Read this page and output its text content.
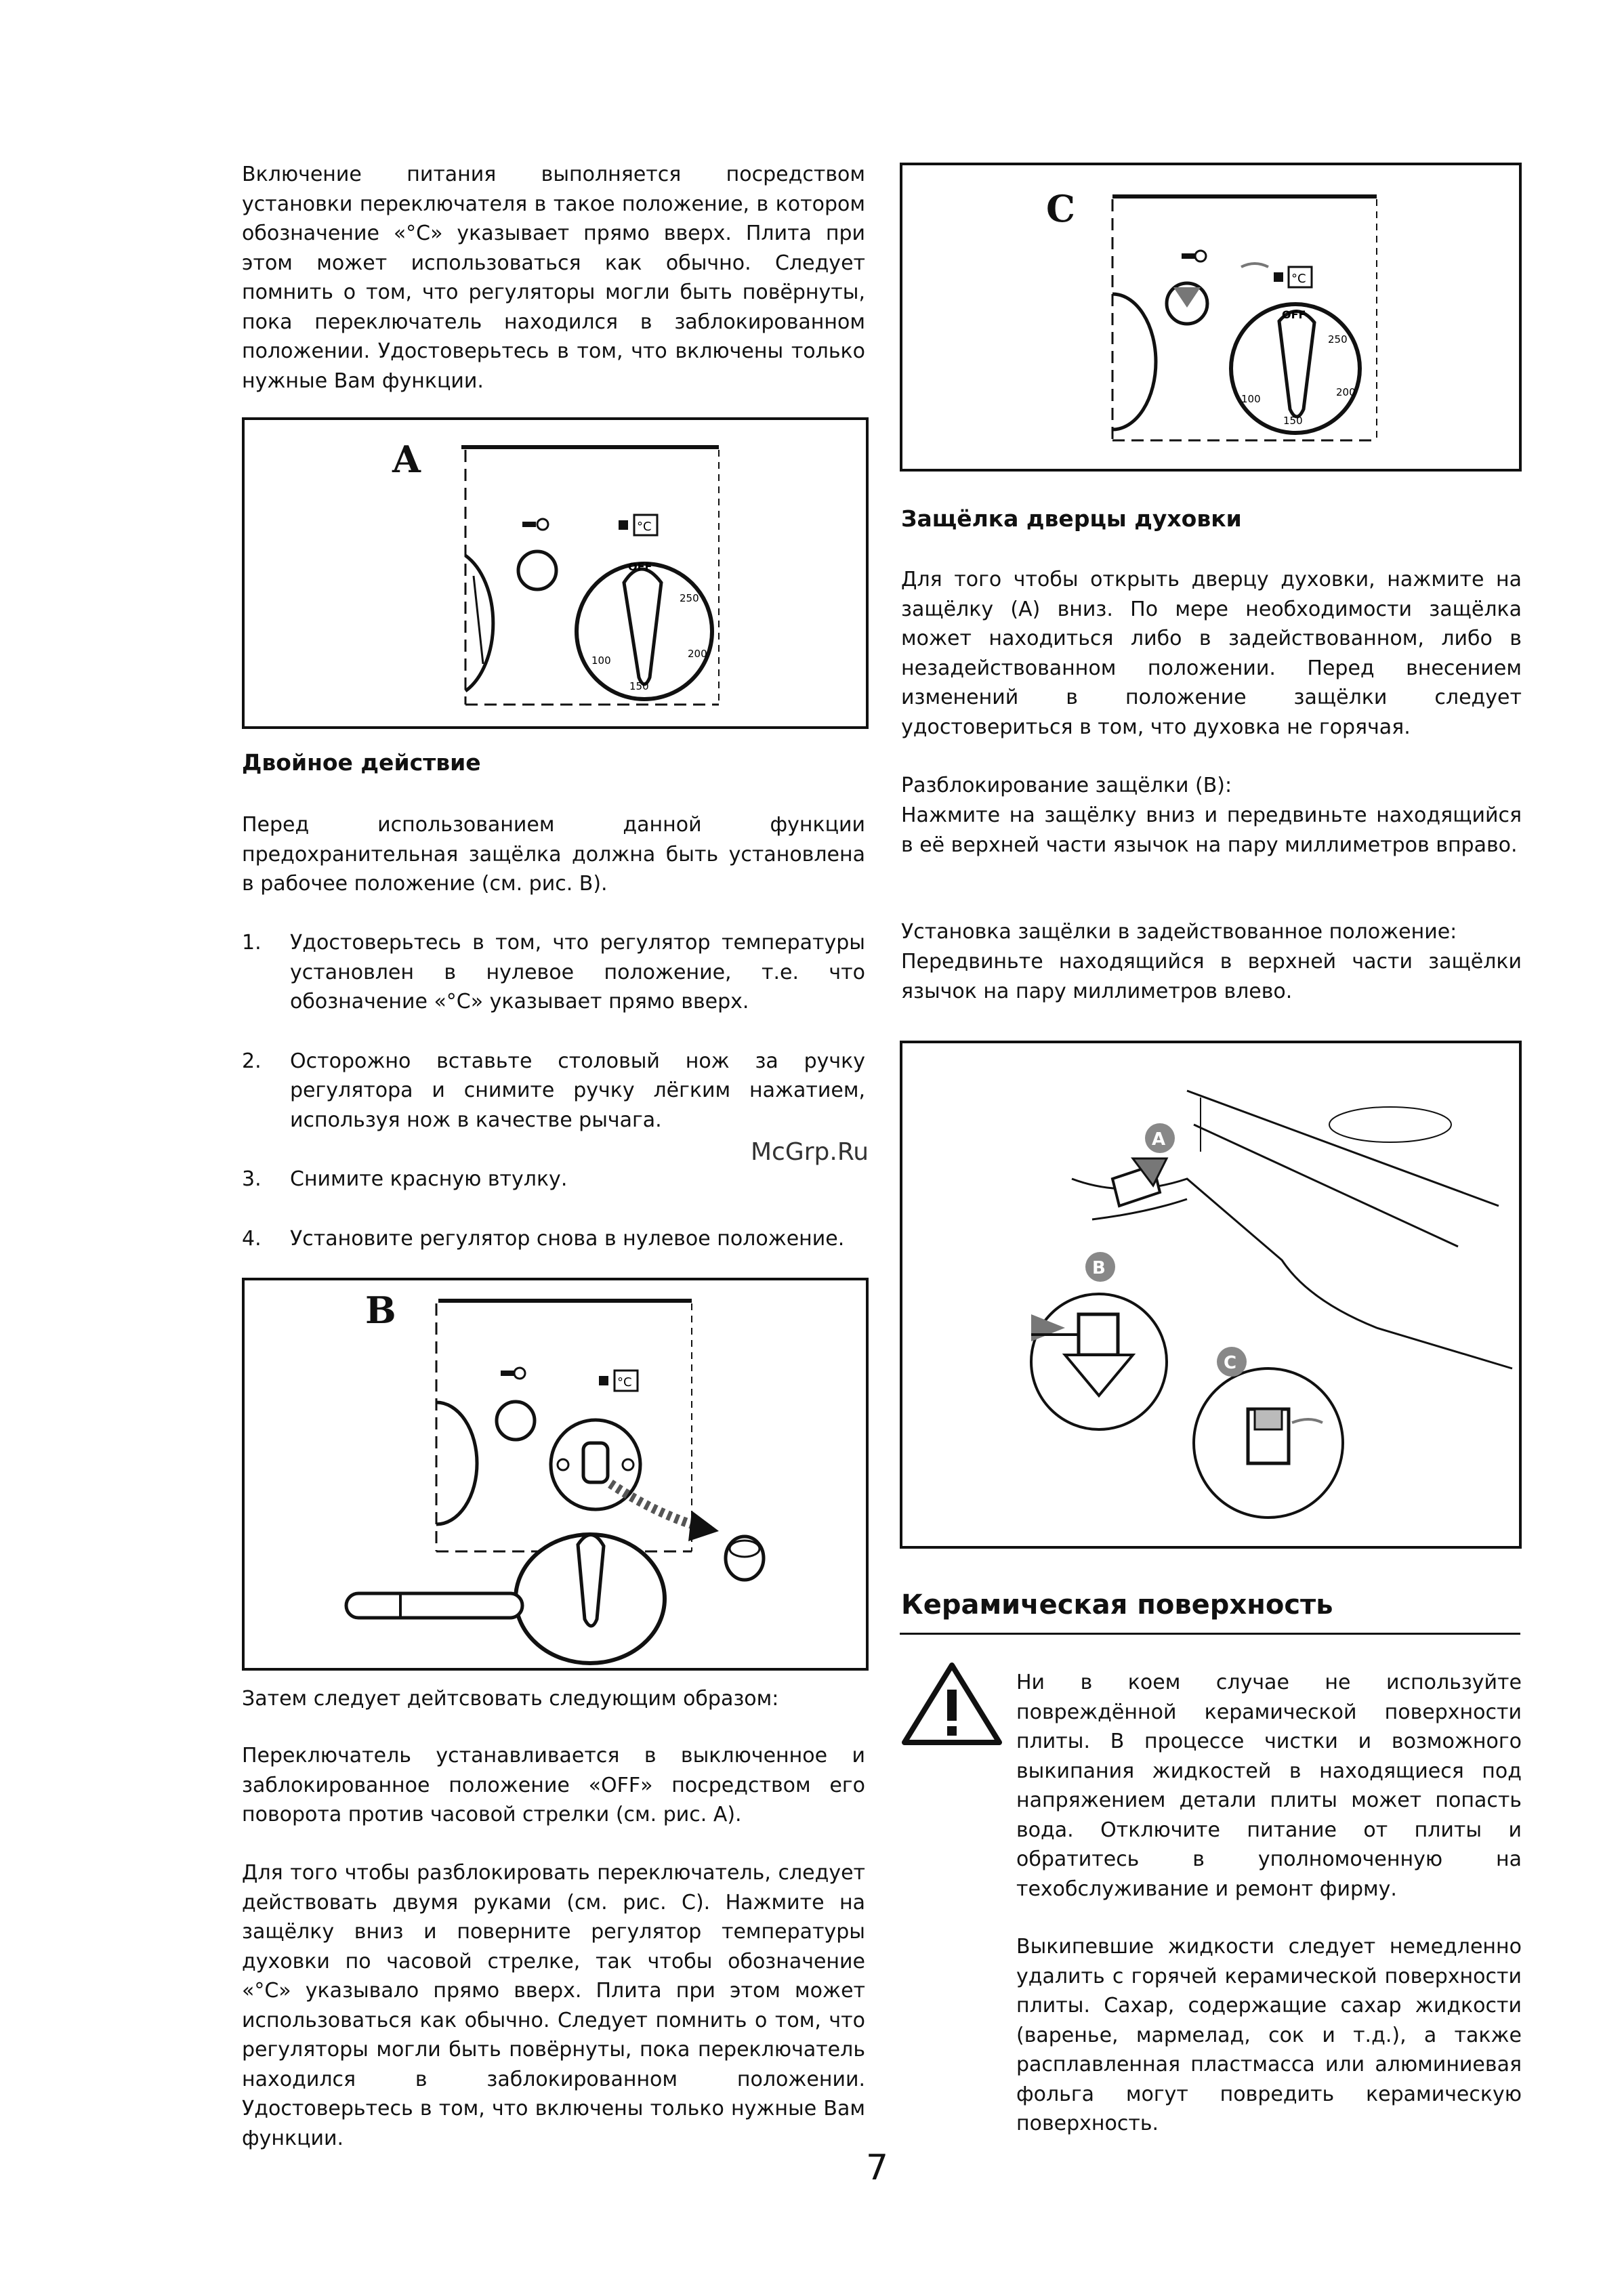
Включение питания выполняется посредством установки переключателя в такое положение, в котором обозначение «°С» указывает прямо вверх. Плита при этом может использоваться как обычно. Следует помнить о том, что регуляторы могли быть повёрнуты, пока переключатель находился в заблокированном положении. Удостоверьтесь в том, что включены только нужные Вам функции.

A
°C
OFF
250
200
150
100

Двойное действие

Перед использованием данной функции предохранительная защёлка должна быть установлена в рабочее положение (см. рис. В).

1. Удостоверьтесь в том, что регулятор температуры установлен в нулевое положение, т.е. что обозначение «°С» указывает прямо вверх.
2. Осторожно вставьте столовый нож за ручку регулятора и снимите ручку лёгким нажатием, используя нож в качестве рычага.
3. Снимите красную втулку.
4. Установите регулятор снова в нулевое положение.
B
°C

Затем следует дейтсвовать следующим образом:

Переключатель устанавливается в выключенное и заблокированное положение «OFF» посредством его поворота против часовой стрелки (см. рис. А).

Для того чтобы разблокировать переключатель, следует действовать двумя руками (см. рис. С). Нажмите на защёлку вниз и поверните регулятор температуры духовки по часовой стрелке, так чтобы обозначение «°С» указывало прямо вверх. Плита при этом может использоваться как обычно. Следует помнить о том, что регуляторы могли быть повёрнуты, пока переключатель находился в заблокированном положении. Удостоверьтесь в том, что включены только нужные Вам функции.

C
°C
OFF
250
200
150
100

Защёлка дверцы духовки

Для того чтобы открыть дверцу духовки, нажмите на защёлку (А) вниз. По мере необходимости защёлка может находиться либо в задействованном, либо в незадействованном положении. Перед внесением изменений в положение защёлки следует удостовериться в том, что духовка не горячая.

Разблокирование защёлки (В):

Нажмите на защёлку вниз и передвиньте находящийся в её верхней части язычок на пару миллиметров вправо.

Установка защёлки в задействованное положение:

Передвиньте находящийся в верхней части защёлки язычок на пару миллиметров влево.

A
B
C

Керамическая поверхность

Ни в коем случае не используйте повреждённой керамической поверхности плиты. В процессе чистки и возможного выкипания жидкостей в находящиеся под напряжением детали плиты может попасть вода. Отключите питание от плиты и обратитесь в уполномоченную на техобслуживание и ремонт фирму.

Выкипевшие жидкости следует немедленно удалить с горячей керамической поверхности плиты. Сахар, содержащие сахар жидкости (варенье, мармелад, сок и т.д.), а также расплавленная пластмасса или алюминиевая фольга могут повредить керамическую поверхность.

McGrp.Ru
7
